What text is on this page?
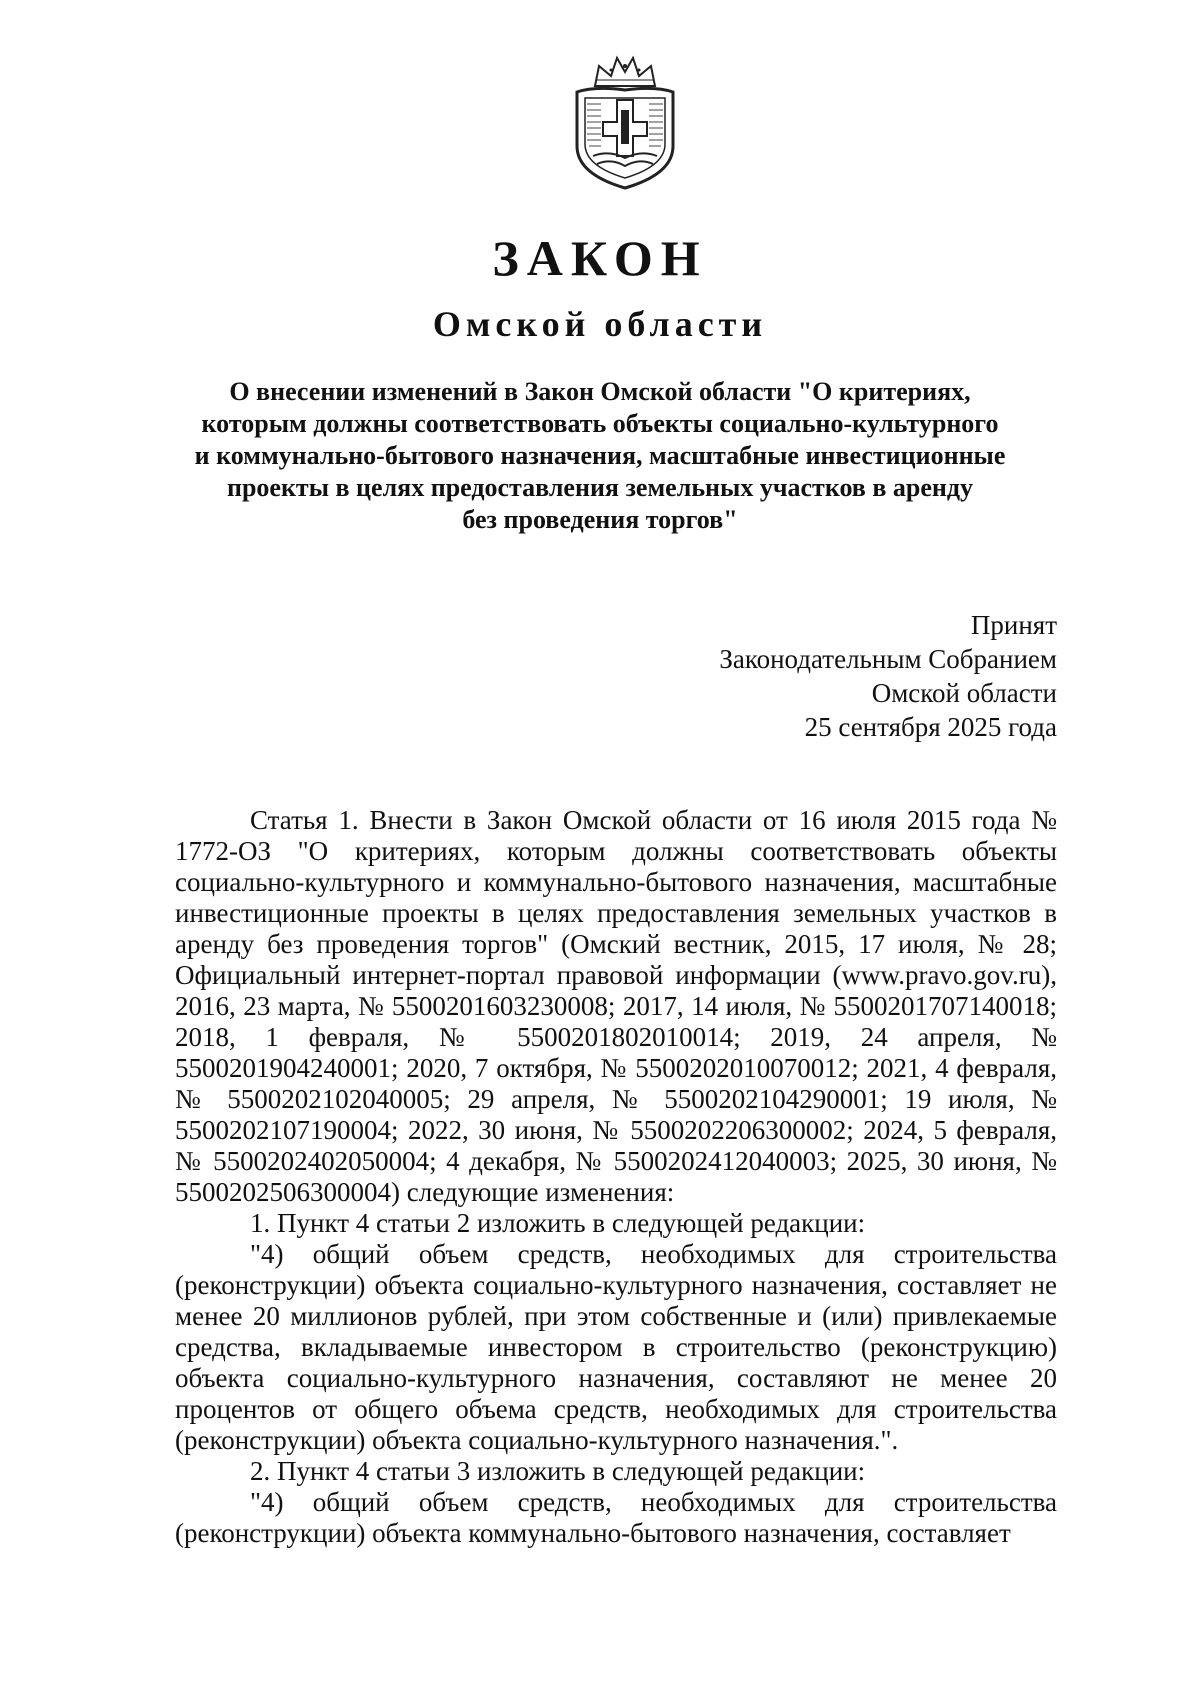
ЗАКОН
Омской области
О внесении изменений в Закон Омской области "О критериях,
которым должны соответствовать объекты социально-культурного
и коммунально-бытового назначения, масштабные инвестиционные
проекты в целях предоставления земельных участков в аренду
без проведения торгов"
Принят
Законодательным Собранием
Омской области
25 сентября 2025 года

Статья 1. Внести в Закон Омской области от 16 июля 2015 года № 1772-ОЗ "О критериях, которым должны соответствовать объекты социально-культурного и коммунально-бытового назначения, масштабные инвестиционные проекты в целях предоставления земельных участков в аренду без проведения торгов" (Омский вестник, 2015, 17 июля, № 28; Официальный интернет-портал правовой информации (www.pravo.gov.ru), 2016, 23 марта, № 5500201603230008; 2017, 14 июля, № 5500201707140018; 2018, 1 февраля, № 5500201802010014; 2019, 24 апреля, № 5500201904240001; 2020, 7 октября, № 5500202010070012; 2021, 4 февраля, № 5500202102040005; 29 апреля, № 5500202104290001; 19 июля, № 5500202107190004; 2022, 30 июня, № 5500202206300002; 2024, 5 февраля, № 5500202402050004; 4 декабря, № 5500202412040003; 2025, 30 июня, № 5500202506300004) следующие изменения:

1. Пункт 4 статьи 2 изложить в следующей редакции:

"4) общий объем средств, необходимых для строительства (реконструкции) объекта социально-культурного назначения, составляет не менее 20 миллионов рублей, при этом собственные и (или) привлекаемые средства, вкладываемые инвестором в строительство (реконструкцию) объекта социально-культурного назначения, составляют не менее 20 процентов от общего объема средств, необходимых для строительства (реконструкции) объекта социально-культурного назначения.".

2. Пункт 4 статьи 3 изложить в следующей редакции:

"4) общий объем средств, необходимых для строительства (реконструкции) объекта коммунально-бытового назначения, составляет
